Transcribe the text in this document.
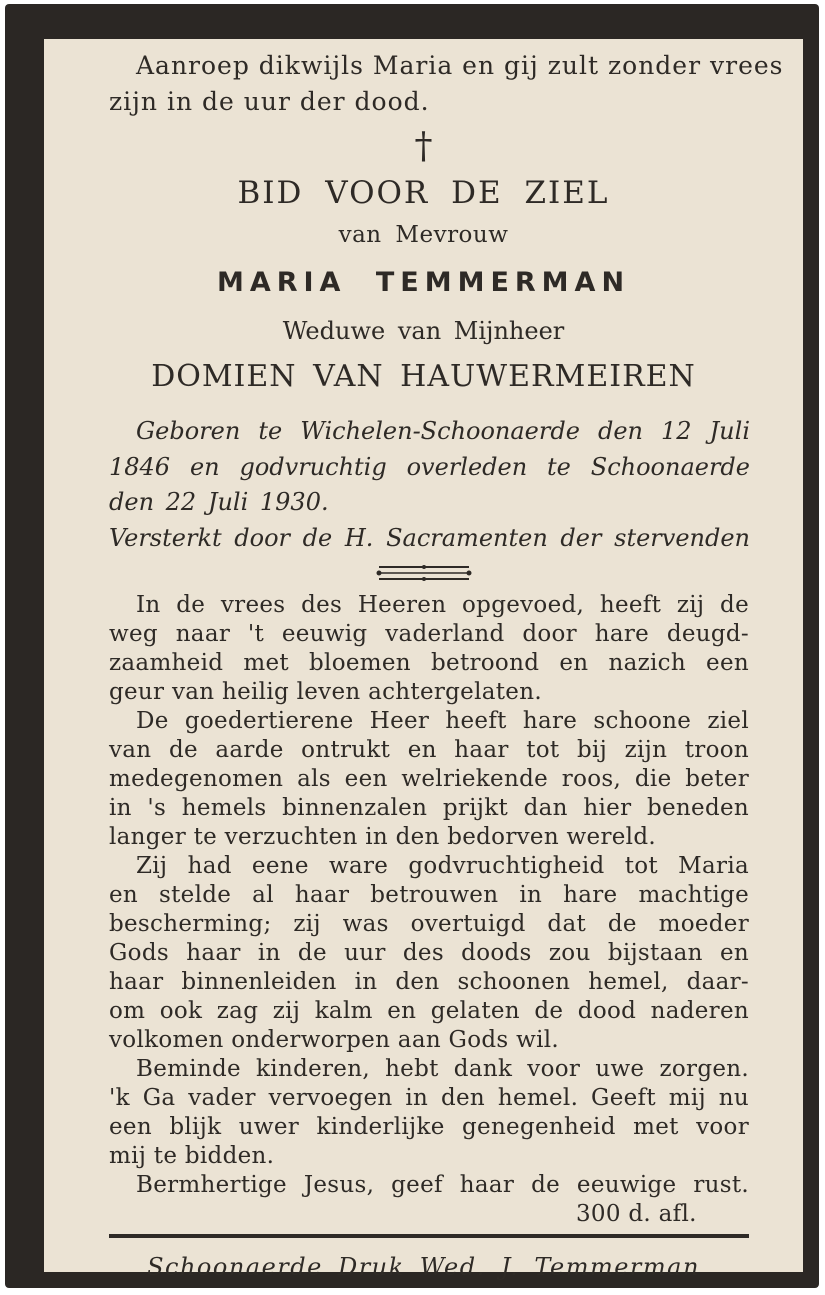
Aanroep dikwijls Maria en gij zult zonder vrees

zijn in de uur der dood.

†

BID VOOR DE ZIEL

van Mevrouw

MARIA TEMMERMAN

Weduwe van Mijnheer

DOMIEN VAN HAUWERMEIREN

Geboren te Wichelen-Schoonaerde den 12 Juli

1846 en godvruchtig overleden te Schoonaerde

den 22 Juli 1930.

Versterkt door de H. Sacramenten der stervenden

In de vrees des Heeren opgevoed, heeft zij de

weg naar 't eeuwig vaderland door hare deugd-

zaamheid met bloemen betroond en nazich een

geur van heilig leven achtergelaten.

De goedertierene Heer heeft hare schoone ziel

van de aarde ontrukt en haar tot bij zijn troon

medegenomen als een welriekende roos, die beter

in 's hemels binnenzalen prijkt dan hier beneden

langer te verzuchten in den bedorven wereld.

Zij had eene ware godvruchtigheid tot Maria

en stelde al haar betrouwen in hare machtige

bescherming; zij was overtuigd dat de moeder

Gods haar in de uur des doods zou bijstaan en

haar binnenleiden in den schoonen hemel, daar-

om ook zag zij kalm en gelaten de dood naderen

volkomen onderworpen aan Gods wil.

Beminde kinderen, hebt dank voor uwe zorgen.

'k Ga vader vervoegen in den hemel. Geeft mij nu

een blijk uwer kinderlijke genegenheid met voor

mij te bidden.

Bermhertige Jesus, geef haar de eeuwige rust.

300 d. afl.

Schoonaerde Druk Wed. J. Temmerman
